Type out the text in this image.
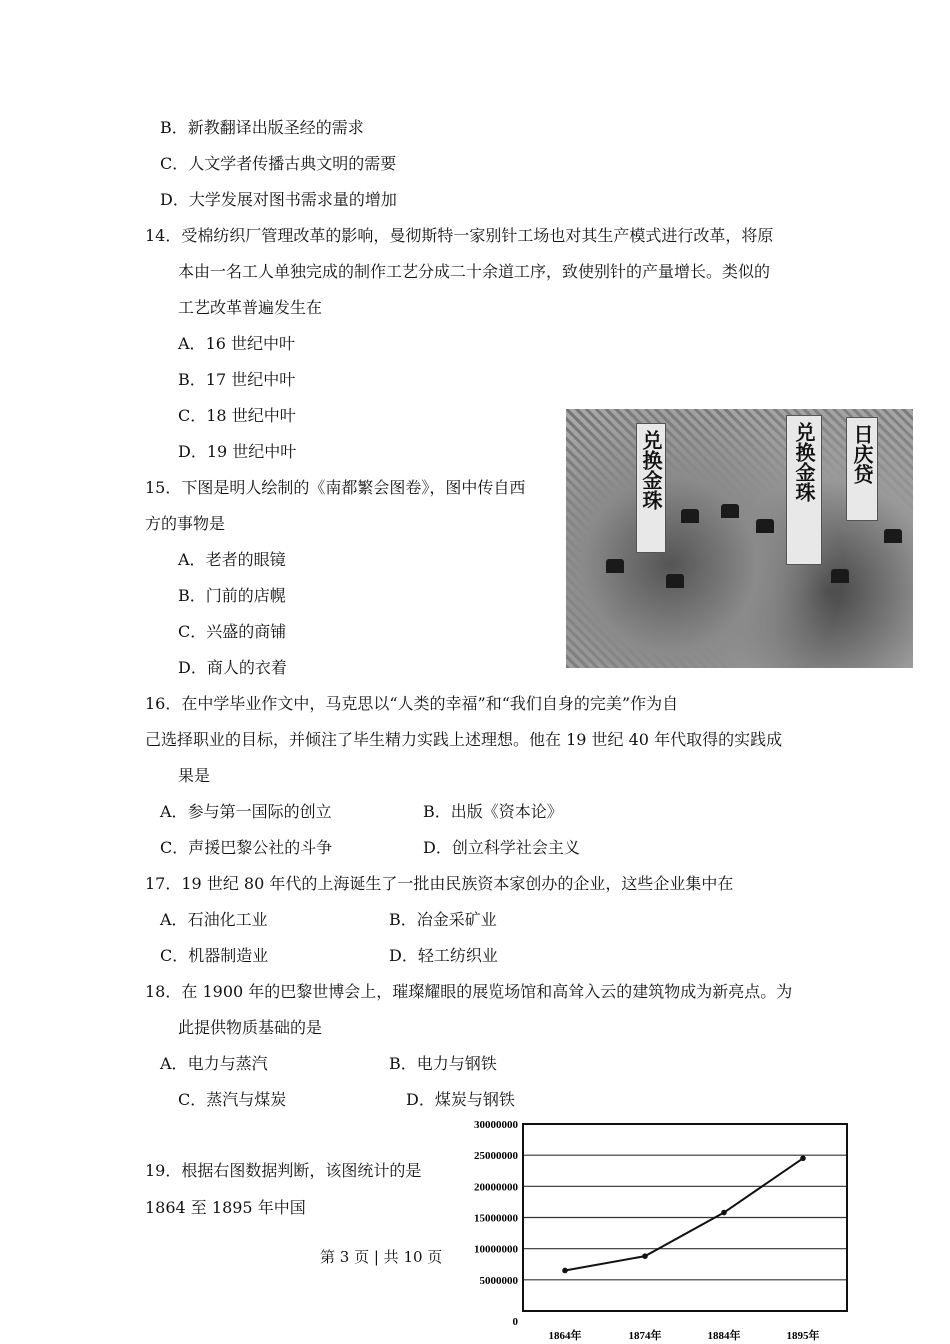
B．新教翻译出版圣经的需求
C．人文学者传播古典文明的需要
D．大学发展对图书需求量的增加
14．受棉纺织厂管理改革的影响，曼彻斯特一家别针工场也对其生产模式进行改革，将原
本由一名工人单独完成的制作工艺分成二十余道工序，致使别针的产量增长。类似的
工艺改革普遍发生在
A．16 世纪中叶
B．17 世纪中叶
C．18 世纪中叶
D．19 世纪中叶	兑换金珠	兑换金珠 日庆贷
15．下图是明人绘制的《南都繁会图卷》，图中传自西
方的事物是
A．老者的眼镜
B．门前的店幌
C．兴盛的商铺
D．商人的衣着
16．在中学毕业作文中，马克思以“人类的幸福”和“我们自身的完美”作为自
己选择职业的目标，并倾注了毕生精力实践上述理想。他在 19 世纪 40 年代取得的实践成
果是
A．参与第一国际的创立	B．出版《资本论》
C．声援巴黎公社的斗争	D．创立科学社会主义
17．19 世纪 80 年代的上海诞生了一批由民族资本家创办的企业，这些企业集中在
A．石油化工业	B．冶金采矿业
C．机器制造业	D．轻工纺织业
18．在 1900 年的巴黎世博会上，璀璨耀眼的展览场馆和高耸入云的建筑物成为新亮点。为
此提供物质基础的是
A．电力与蒸汽	B．电力与钢铁
C．蒸汽与煤炭	D．煤炭与钢铁
19．根据右图数据判断，该图统计的是
1864 至 1895 年中国
0
5000000
10000000
15000000
20000000
25000000
30000000
1864年	1874年	1884年	1895年
第 3 页 | 共 10 页
